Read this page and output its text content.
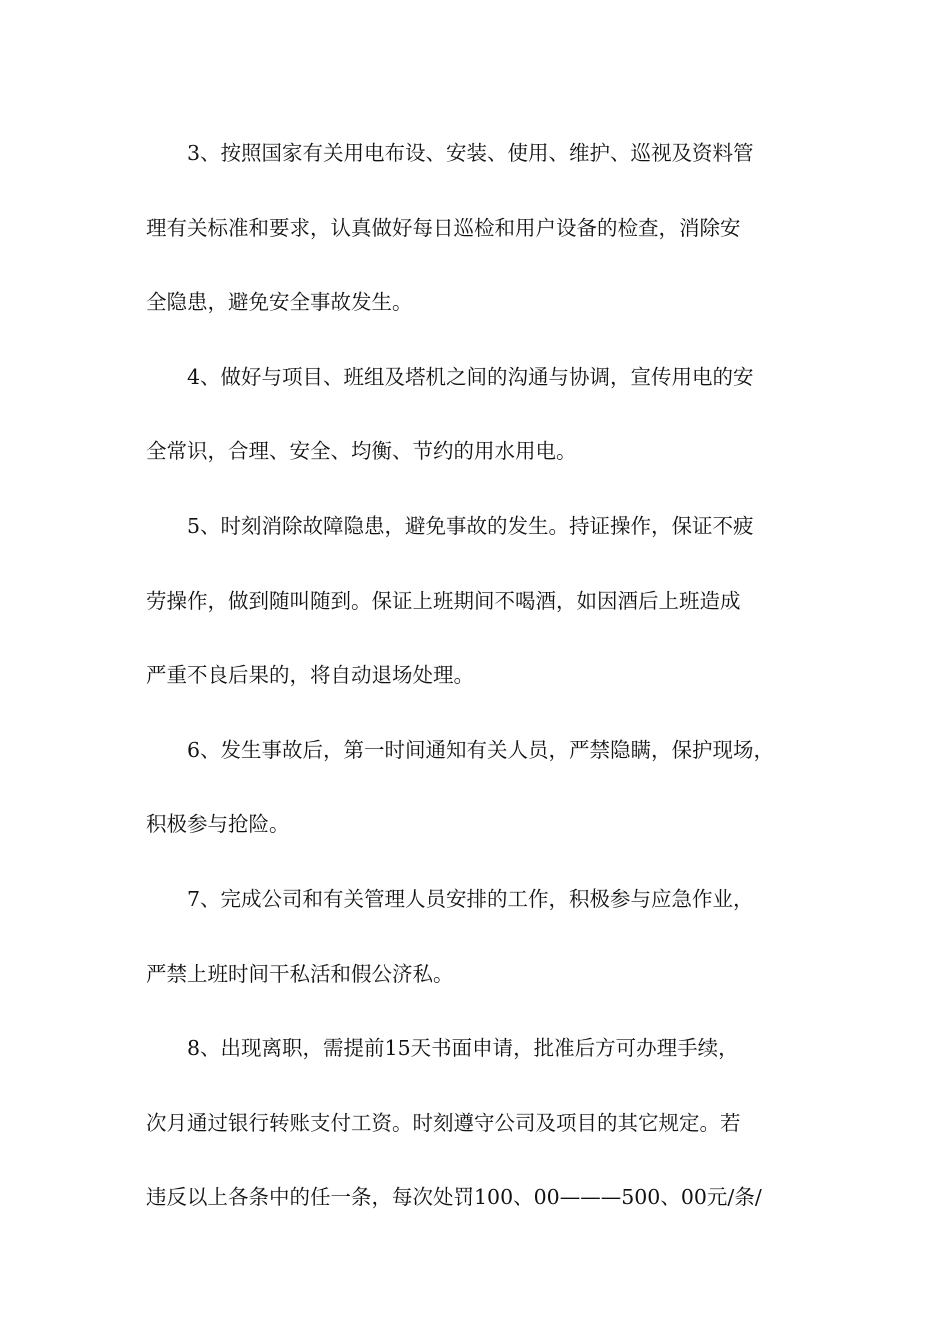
3、按照国家有关用电布设、安装、使用、维护、巡视及资料管
理有关标准和要求，认真做好每日巡检和用户设备的检查，消除安
全隐患，避免安全事故发生。
4、做好与项目、班组及塔机之间的沟通与协调，宣传用电的安
全常识，合理、安全、均衡、节约的用水用电。
5、时刻消除故障隐患，避免事故的发生。持证操作，保证不疲
劳操作，做到随叫随到。保证上班期间不喝酒，如因酒后上班造成
严重不良后果的，将自动退场处理。
6、发生事故后，第一时间通知有关人员，严禁隐瞒，保护现场，
积极参与抢险。
7、完成公司和有关管理人员安排的工作，积极参与应急作业，
严禁上班时间干私活和假公济私。
8、出现离职，需提前15天书面申请，批准后方可办理手续，
次月通过银行转账支付工资。时刻遵守公司及项目的其它规定。若
违反以上各条中的任一条，每次处罚100、00———500、00元/条/
